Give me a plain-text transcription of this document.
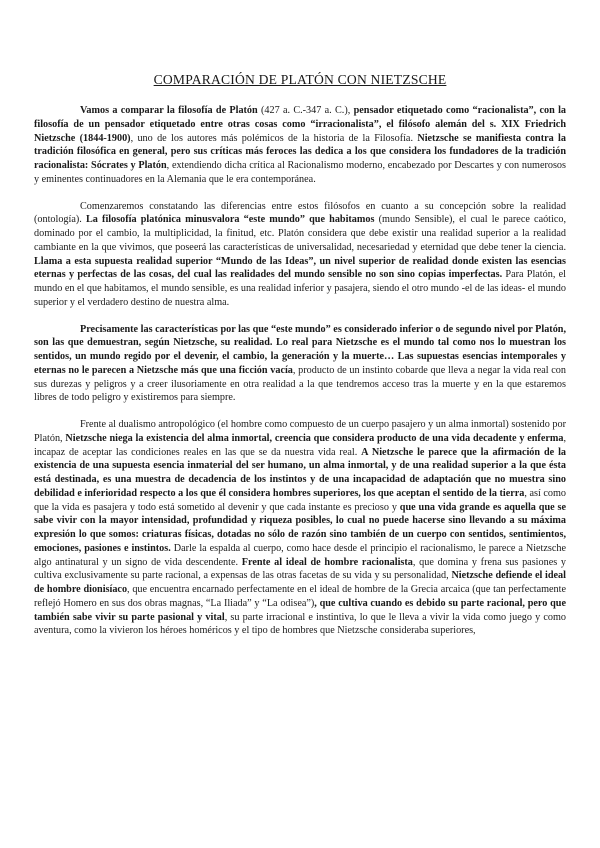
COMPARACIÓN DE PLATÓN CON NIETZSCHE

Vamos a comparar la filosofía de Platón (427 a. C.-347 a. C.), pensador etiquetado como “racionalista”, con la filosofía de un pensador etiquetado entre otras cosas como “irracionalista”, el filósofo alemán del s. XIX Friedrich Nietzsche (1844-1900), uno de los autores más polémicos de la historia de la Filosofía. Nietzsche se manifiesta contra la tradición filosófica en general, pero sus críticas más feroces las dedica a los que considera los fundadores de la tradición racionalista: Sócrates y Platón, extendiendo dicha crítica al Racionalismo moderno, encabezado por Descartes y con numerosos y eminentes continuadores en la Alemania que le era contemporánea.

Comenzaremos constatando las diferencias entre estos filósofos en cuanto a su concepción sobre la realidad (ontología). La filosofía platónica minusvalora “este mundo” que habitamos (mundo Sensible), el cual le parece caótico, dominado por el cambio, la multiplicidad, la finitud, etc. Platón considera que debe existir una realidad superior a la realidad cambiante en la que vivimos, que poseerá las características de universalidad, necesariedad y eternidad que debe tener la ciencia. Llama a esta supuesta realidad superior “Mundo de las Ideas”, un nivel superior de realidad donde existen las esencias eternas y perfectas de las cosas, del cual las realidades del mundo sensible no son sino copias imperfectas. Para Platón, el mundo en el que habitamos, el mundo sensible, es una realidad inferior y pasajera, siendo el otro mundo -el de las ideas- el mundo superior y el verdadero destino de nuestra alma.

Precisamente las características por las que “este mundo” es considerado inferior o de segundo nivel por Platón, son las que demuestran, según Nietzsche, su realidad. Lo real para Nietzsche es el mundo tal como nos lo muestran los sentidos, un mundo regido por el devenir, el cambio, la generación y la muerte… Las supuestas esencias intemporales y eternas no le parecen a Nietzsche más que una ficción vacía, producto de un instinto cobarde que lleva a negar la vida real con sus durezas y peligros y a creer ilusoriamente en otra realidad a la que tendremos acceso tras la muerte y en la que estaremos libres de todo peligro y existiremos para siempre.

Frente al dualismo antropológico (el hombre como compuesto de un cuerpo pasajero y un alma inmortal) sostenido por Platón, Nietzsche niega la existencia del alma inmortal, creencia que considera producto de una vida decadente y enferma, incapaz de aceptar las condiciones reales en las que se da nuestra vida real. A Nietzsche le parece que la afirmación de la existencia de una supuesta esencia inmaterial del ser humano, un alma inmortal, y de una realidad superior a la que ésta está destinada, es una muestra de decadencia de los instintos y de una incapacidad de adaptación que no muestra sino debilidad e inferioridad respecto a los que él considera hombres superiores, los que aceptan el sentido de la tierra, así como que la vida es pasajera y todo está sometido al devenir y que cada instante es precioso y que una vida grande es aquella que se sabe vivir con la mayor intensidad, profundidad y riqueza posibles, lo cual no puede hacerse sino llevando a su máxima expresión lo que somos: criaturas físicas, dotadas no sólo de razón sino también de un cuerpo con sentidos, sentimientos, emociones, pasiones e instintos. Darle la espalda al cuerpo, como hace desde el principio el racionalismo, le parece a Nietzsche algo antinatural y un signo de vida descendente. Frente al ideal de hombre racionalista, que domina y frena sus pasiones y cultiva exclusivamente su parte racional, a expensas de las otras facetas de su vida y su personalidad, Nietzsche defiende el ideal de hombre dionisíaco, que encuentra encarnado perfectamente en el ideal de hombre de la Grecia arcaica (que tan perfectamente reflejó Homero en sus dos obras magnas, “La Iliada” y “La odisea”), que cultiva cuando es debido su parte racional, pero que también sabe vivir su parte pasional y vital, su parte irracional e instintiva, lo que le lleva a vivir la vida como juego y como aventura, como la vivieron los héroes homéricos y el tipo de hombres que Nietzsche consideraba superiores,
